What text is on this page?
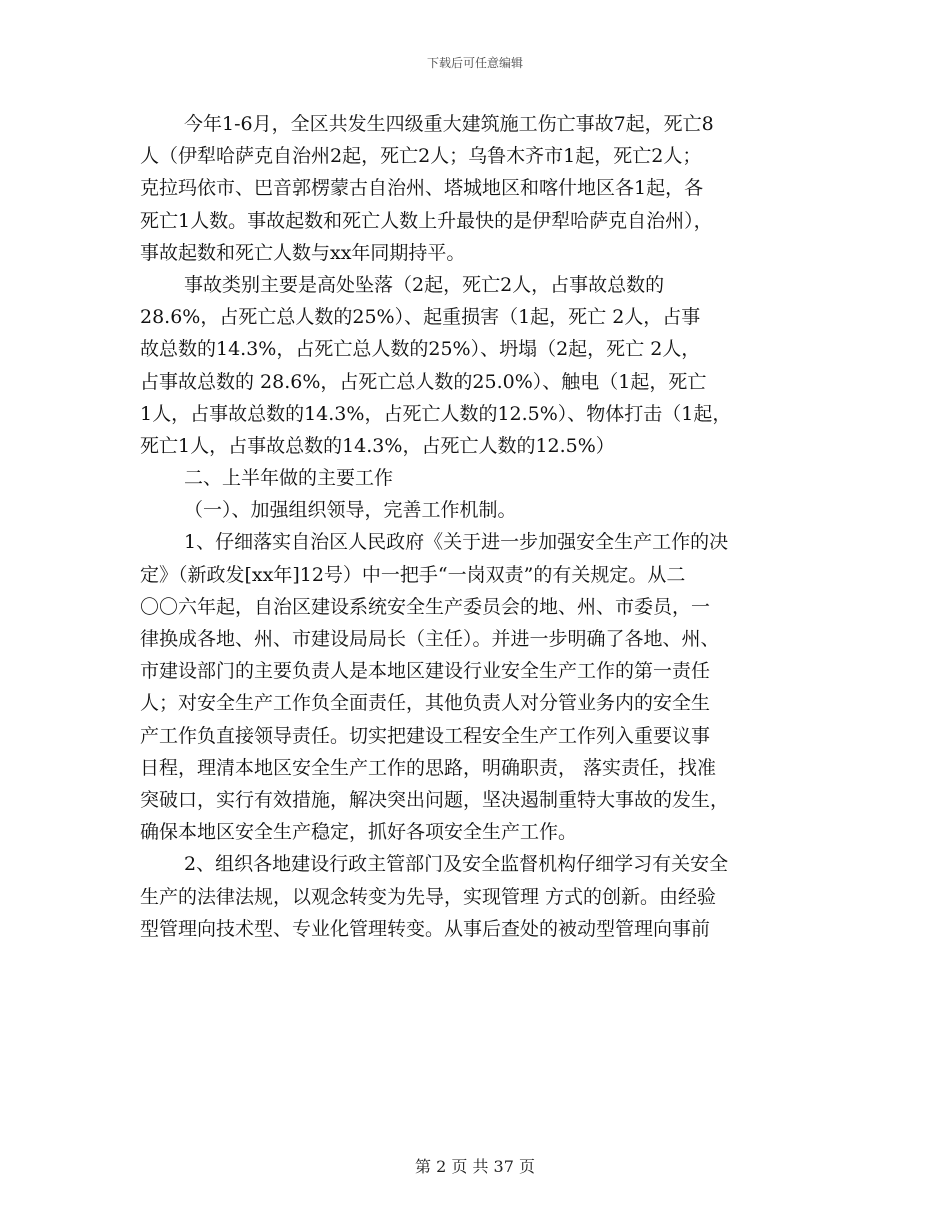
下载后可任意编辑
今年1-6月，全区共发生四级重大建筑施工伤亡事故7起，死亡8
人（伊犁哈萨克自治州2起，死亡2人；乌鲁木齐市1起，死亡2人；
克拉玛依市、巴音郭楞蒙古自治州、塔城地区和喀什地区各1起，各
死亡1人数。事故起数和死亡人数上升最快的是伊犁哈萨克自治州），
事故起数和死亡人数与xx年同期持平。
事故类别主要是高处坠落（2起，死亡2人，占事故总数的
28.6%，占死亡总人数的25%）、起重损害（1起，死亡 2人，占事
故总数的14.3%，占死亡总人数的25%）、坍塌（2起，死亡 2人，
占事故总数的 28.6%，占死亡总人数的25.0%）、触电（1起，死亡
1人，占事故总数的14.3%，占死亡人数的12.5%）、物体打击（1起，
死亡1人，占事故总数的14.3%，占死亡人数的12.5%）
二、上半年做的主要工作
（一）、加强组织领导，完善工作机制。
1、仔细落实自治区人民政府《关于进一步加强安全生产工作的决
定》（新政发[xx年]12号）中一把手“一岗双责”的有关规定。从二
〇〇六年起，自治区建设系统安全生产委员会的地、州、市委员，一
律换成各地、州、市建设局局长（主任）。并进一步明确了各地、州、
市建设部门的主要负责人是本地区建设行业安全生产工作的第一责任
人；对安全生产工作负全面责任，其他负责人对分管业务内的安全生
产工作负直接领导责任。切实把建设工程安全生产工作列入重要议事
日程，理清本地区安全生产工作的思路，明确职责， 落实责任，找准
突破口，实行有效措施，解决突出问题，坚决遏制重特大事故的发生，
确保本地区安全生产稳定，抓好各项安全生产工作。
2、组织各地建设行政主管部门及安全监督机构仔细学习有关安全
生产的法律法规，以观念转变为先导，实现管理 方式的创新。由经验
型管理向技术型、专业化管理转变。从事后查处的被动型管理向事前
第 2 页 共 37 页
